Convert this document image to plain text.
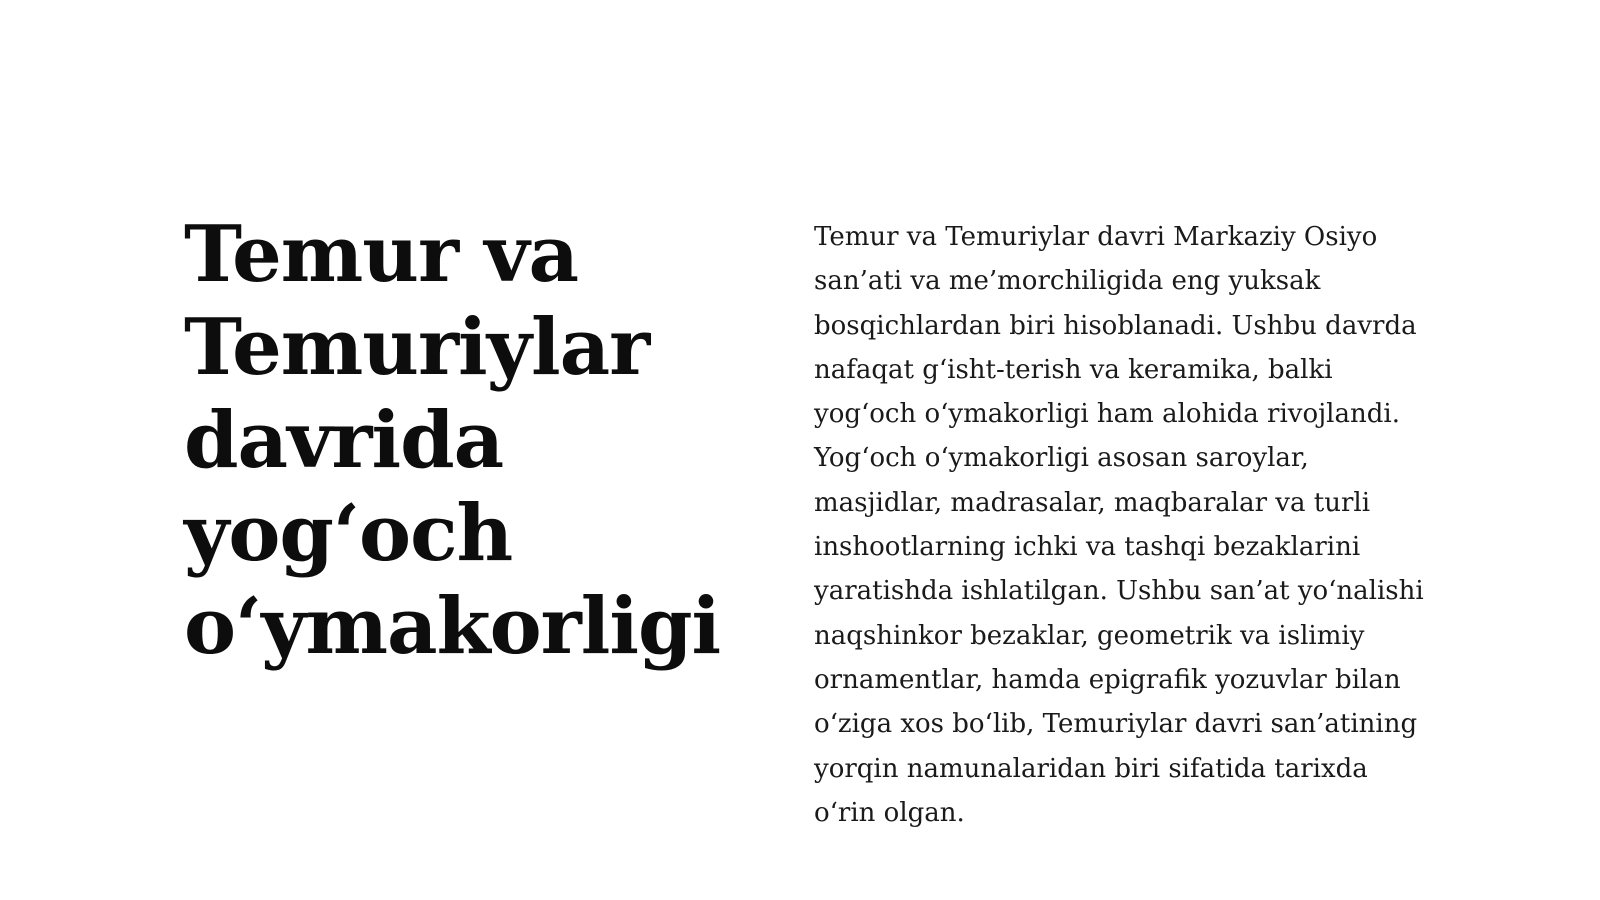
Temur va
Temuriylar
davrida
yog‘och
o‘ymakorligi
Temur va Temuriylar davri Markaziy Osiyo
san’ati va me’morchiligida eng yuksak
bosqichlardan biri hisoblanadi. Ushbu davrda
nafaqat g‘isht-terish va keramika, balki
yog‘och o‘ymakorligi ham alohida rivojlandi.
Yog‘och o‘ymakorligi asosan saroylar,
masjidlar, madrasalar, maqbaralar va turli
inshootlarning ichki va tashqi bezaklarini
yaratishda ishlatilgan. Ushbu san’at yo‘nalishi
naqshinkor bezaklar, geometrik va islimiy
ornamentlar, hamda epigrafik yozuvlar bilan
o‘ziga xos bo‘lib, Temuriylar davri san’atining
yorqin namunalaridan biri sifatida tarixda
o‘rin olgan.
